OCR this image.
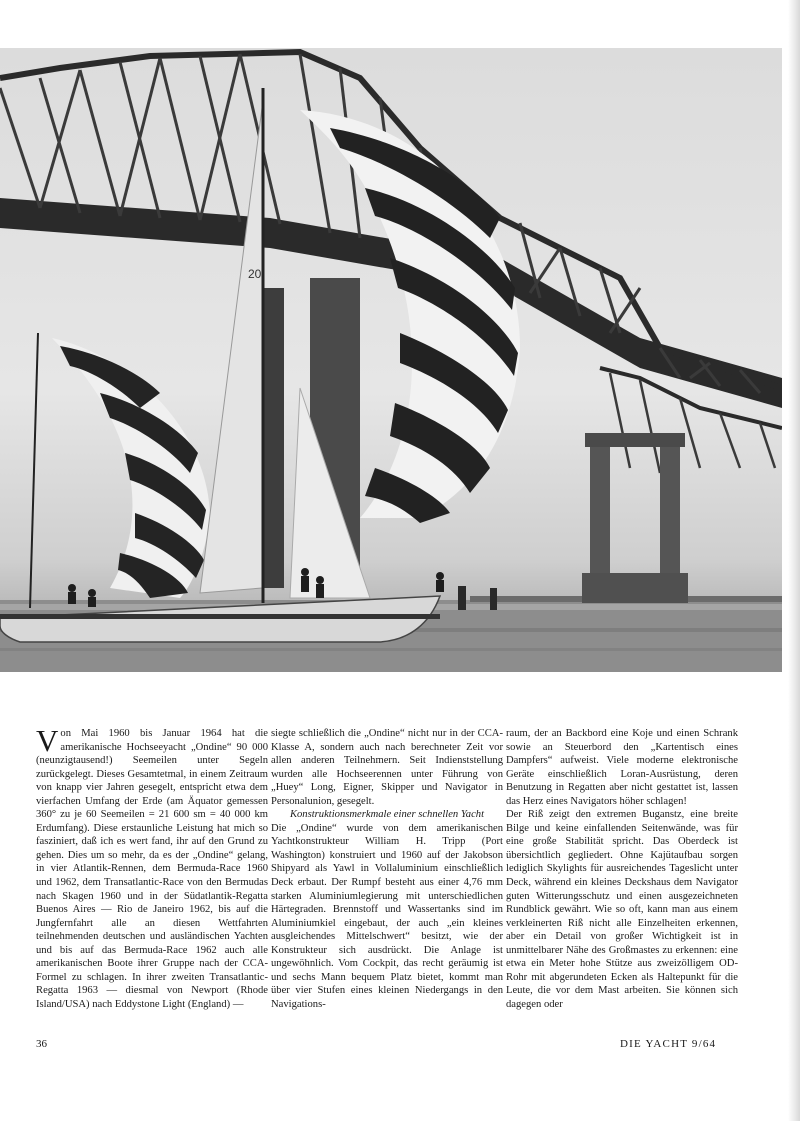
20

Von Mai 1960 bis Januar 1964 hat die amerikanische Hochseeyacht „Ondine“ 90 000 (neunzigtausend!) Seemeilen unter Segeln zurückgelegt. Dieses Gesamtetmal, in einem Zeitraum von knapp vier Jahren gesegelt, entspricht etwa dem vierfachen Umfang der Erde (am Äquator gemessen 360° zu je 60 Seemeilen = 21 600 sm = 40 000 km Erdumfang). Diese erstaunliche Leistung hat mich so fasziniert, daß ich es wert fand, ihr auf den Grund zu gehen. Dies um so mehr, da es der „Ondine“ gelang, in vier Atlantik-Rennen, dem Bermuda-Race 1960 und 1962, dem Transatlantic-Race von den Bermudas nach Skagen 1960 und in der Südatlantik-Regatta Buenos Aires — Rio de Janeiro 1962, bis auf die Jungfernfahrt alle an diesen Wettfahrten teilnehmenden deutschen und ausländischen Yachten und bis auf das Bermuda-Race 1962 auch alle amerikanischen Boote ihrer Gruppe nach der CCA-Formel zu schlagen. In ihrer zweiten Transatlantic-Regatta 1963 — diesmal von Newport (Rhode Island/USA) nach Eddystone Light (England) —

siegte schließlich die „Ondine“ nicht nur in der CCA-Klasse A, sondern auch nach berechneter Zeit vor allen anderen Teilnehmern. Seit Indienststellung wurden alle Hochseerennen unter Führung von „Huey“ Long, Eigner, Skipper und Navigator in Personalunion, gesegelt.

Konstruktionsmerkmale einer schnellen Yacht

Die „Ondine“ wurde von dem amerikanischen Yachtkonstrukteur William H. Tripp (Port Washington) konstruiert und 1960 auf der Jakobson Shipyard als Yawl in Vollaluminium einschließlich Deck erbaut. Der Rumpf besteht aus einer 4,76 mm starken Aluminiumlegierung mit unterschiedlichen Härtegraden. Brennstoff und Wassertanks sind im Aluminiumkiel eingebaut, der auch „ein kleines ausgleichendes Mittelschwert“ besitzt, wie der Konstrukteur sich ausdrückt. Die Anlage ist ungewöhnlich. Vom Cockpit, das recht geräumig ist und sechs Mann bequem Platz bietet, kommt man über vier Stufen eines kleinen Niedergangs in den Navigations-

raum, der an Backbord eine Koje und einen Schrank sowie an Steuerbord den „Kartentisch eines Dampfers“ aufweist. Viele moderne elektronische Geräte einschließlich Loran-Ausrüstung, deren Benutzung in Regatten aber nicht gestattet ist, lassen das Herz eines Navigators höher schlagen!

Der Riß zeigt den extremen Buganstz, eine breite Bilge und keine einfallenden Seitenwände, was für eine große Stabilität spricht. Das Oberdeck ist übersichtlich gegliedert. Ohne Kajütaufbau sorgen lediglich Skylights für ausreichendes Tageslicht unter Deck, während ein kleines Deckshaus dem Navigator guten Witterungsschutz und einen ausgezeichneten Rundblick gewährt. Wie so oft, kann man aus einem verkleinerten Riß nicht alle Einzelheiten erkennen, aber ein Detail von großer Wichtigkeit ist in unmittelbarer Nähe des Großmastes zu erkennen: eine etwa ein Meter hohe Stütze aus zweizölligem OD-Rohr mit abgerundeten Ecken als Haltepunkt für die Leute, die vor dem Mast arbeiten. Sie können sich dagegen oder

36	DIE YACHT 9/64
